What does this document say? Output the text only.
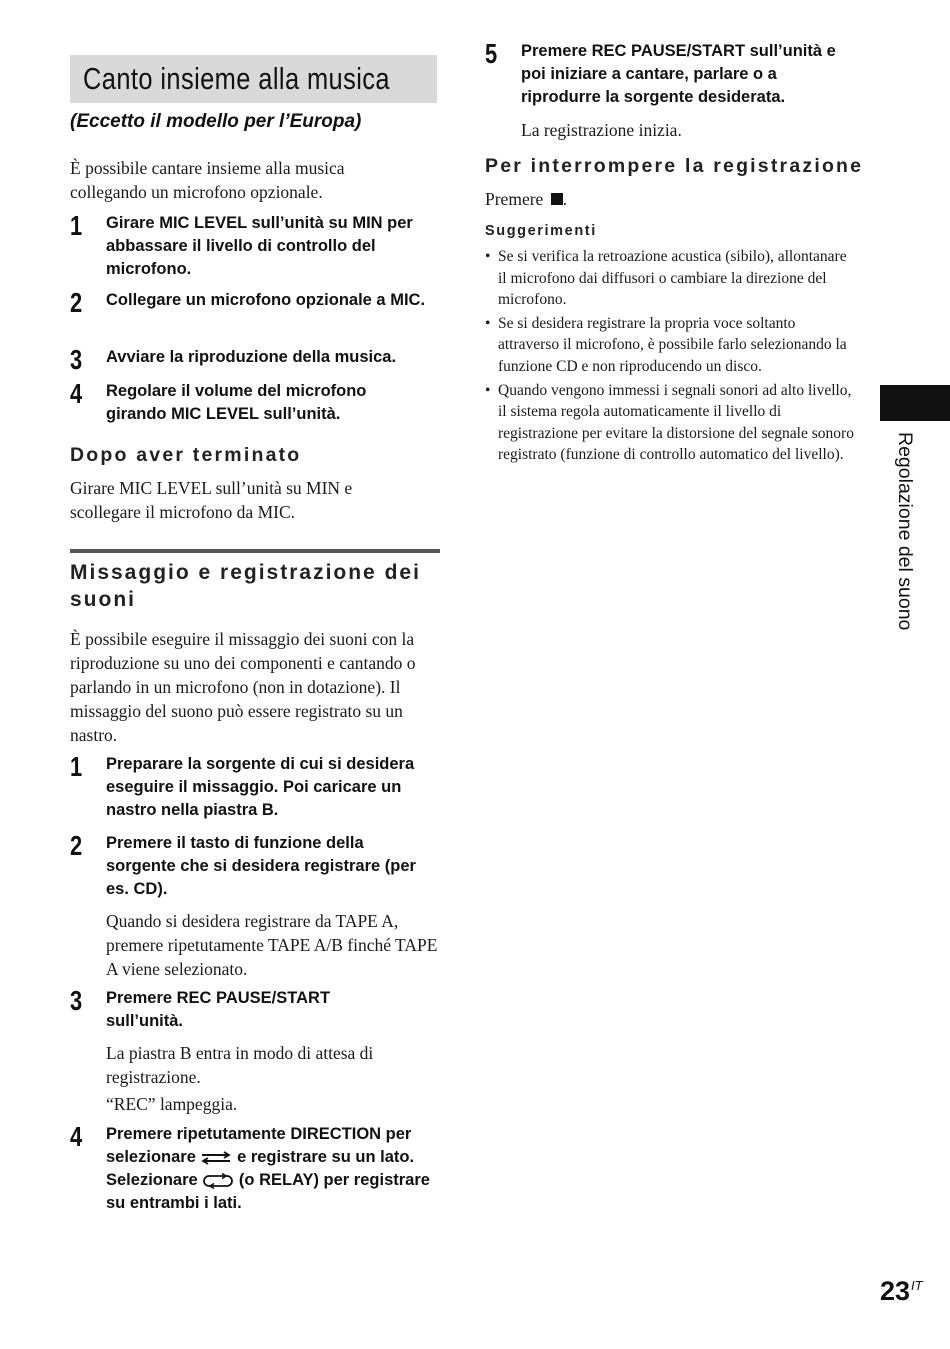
Canto insieme alla musica
(Eccetto il modello per l’Europa)
È possibile cantare insieme alla musica collegando un microfono opzionale.
1 Girare MIC LEVEL sull’unità su MIN per abbassare il livello di controllo del microfono.
2 Collegare un microfono opzionale a MIC.
3 Avviare la riproduzione della musica.
4 Regolare il volume del microfono girando MIC LEVEL sull’unità.
Dopo aver terminato
Girare MIC LEVEL sull’unità su MIN e scollegare il microfono da MIC.
Missaggio e registrazione dei suoni
È possibile eseguire il missaggio dei suoni con la riproduzione su uno dei componenti e cantando o parlando in un microfono (non in dotazione). Il missaggio del suono può essere registrato su un nastro.
1 Preparare la sorgente di cui si desidera eseguire il missaggio. Poi caricare un nastro nella piastra B.
2 Premere il tasto di funzione della sorgente che si desidera registrare (per es. CD).
Quando si desidera registrare da TAPE A, premere ripetutamente TAPE A/B finché TAPE A viene selezionato.
3 Premere REC PAUSE/START sull’unità.
La piastra B entra in modo di attesa di registrazione.
“REC” lampeggia.
4 Premere ripetutamente DIRECTION per selezionare e registrare su un lato. Selezionare (o RELAY) per registrare su entrambi i lati.
5 Premere REC PAUSE/START sull’unità e poi iniziare a cantare, parlare o a riprodurre la sorgente desiderata.
La registrazione inizia.
Per interrompere la registrazione
Premere .
Suggerimenti
• Se si verifica la retroazione acustica (sibilo), allontanare il microfono dai diffusori o cambiare la direzione del microfono.
• Se si desidera registrare la propria voce soltanto attraverso il microfono, è possibile farlo selezionando la funzione CD e non riproducendo un disco.
• Quando vengono immessi i segnali sonori ad alto livello, il sistema regola automaticamente il livello di registrazione per evitare la distorsione del segnale sonoro registrato (funzione di controllo automatico del livello).	Regolazione del suono
$23^{IT}$
